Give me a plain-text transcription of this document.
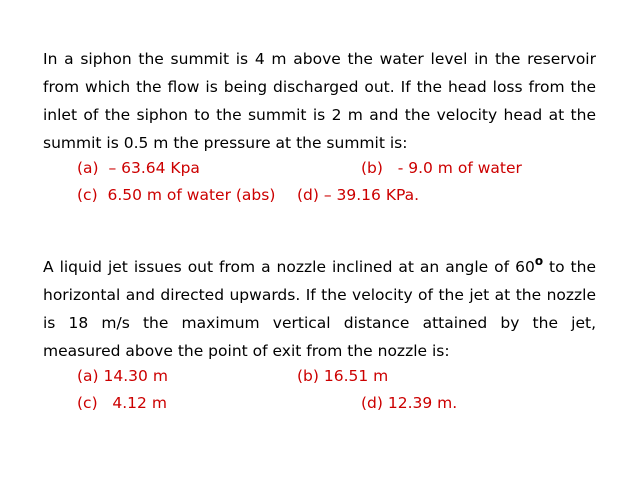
In a siphon the summit is 4 m above the water level in the reservoir from which the flow is being discharged out. If the head loss from the inlet of the siphon to the summit is 2 m and the velocity head at the summit is 0.5 m the pressure at the summit is:

(a)  – 63.64 Kpa	(b)   - 9.0 m of water
(c)  6.50 m of water (abs) (d) – 39.16 KPa.

A liquid jet issues out from a nozzle inclined at an angle of 60$^o$ to the horizontal and directed upwards. If the velocity of the jet at the nozzle is 18 m/s the maximum vertical distance attained by the jet, measured above the point of exit from the nozzle is:

(a) 14.30 m	(b) 16.51 m
(c)   4.12 m	(d) 12.39 m.
